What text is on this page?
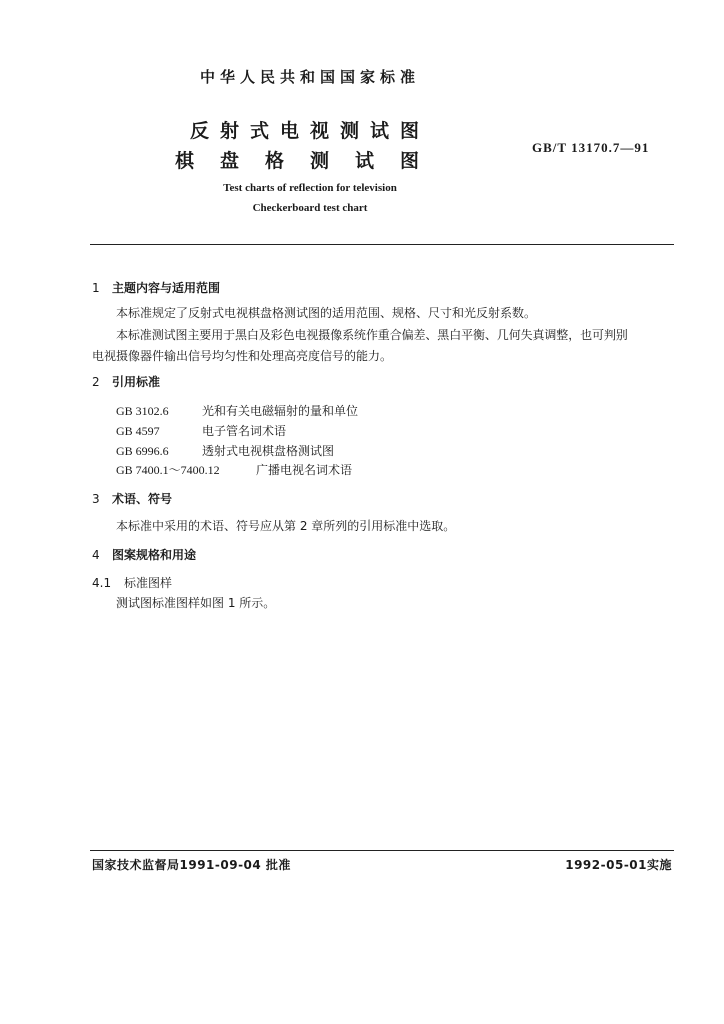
中华人民共和国国家标准
反射式电视测试图
棋盘格测试图
GB/T 13170.7—91
Test charts of reflection for television
Checkerboard test chart
1 主题内容与适用范围
本标准规定了反射式电视棋盘格测试图的适用范围、规格、尺寸和光反射系数。
本标准测试图主要用于黑白及彩色电视摄像系统作重合偏差、黑白平衡、几何失真调整，也可判别
电视摄像器件输出信号均匀性和处理高亮度信号的能力。
2 引用标准
GB 3102.6	光和有关电磁辐射的量和单位
GB 4597	电子管名词术语
GB 6996.6	透射式电视棋盘格测试图
GB 7400.1～7400.12	广播电视名词术语
3 术语、符号
本标准中采用的术语、符号应从第 2 章所列的引用标准中选取。
4 图案规格和用途
4.1 标准图样
测试图标准图样如图 1 所示。
国家技术监督局1991-09-04 批准	1992-05-01实施
